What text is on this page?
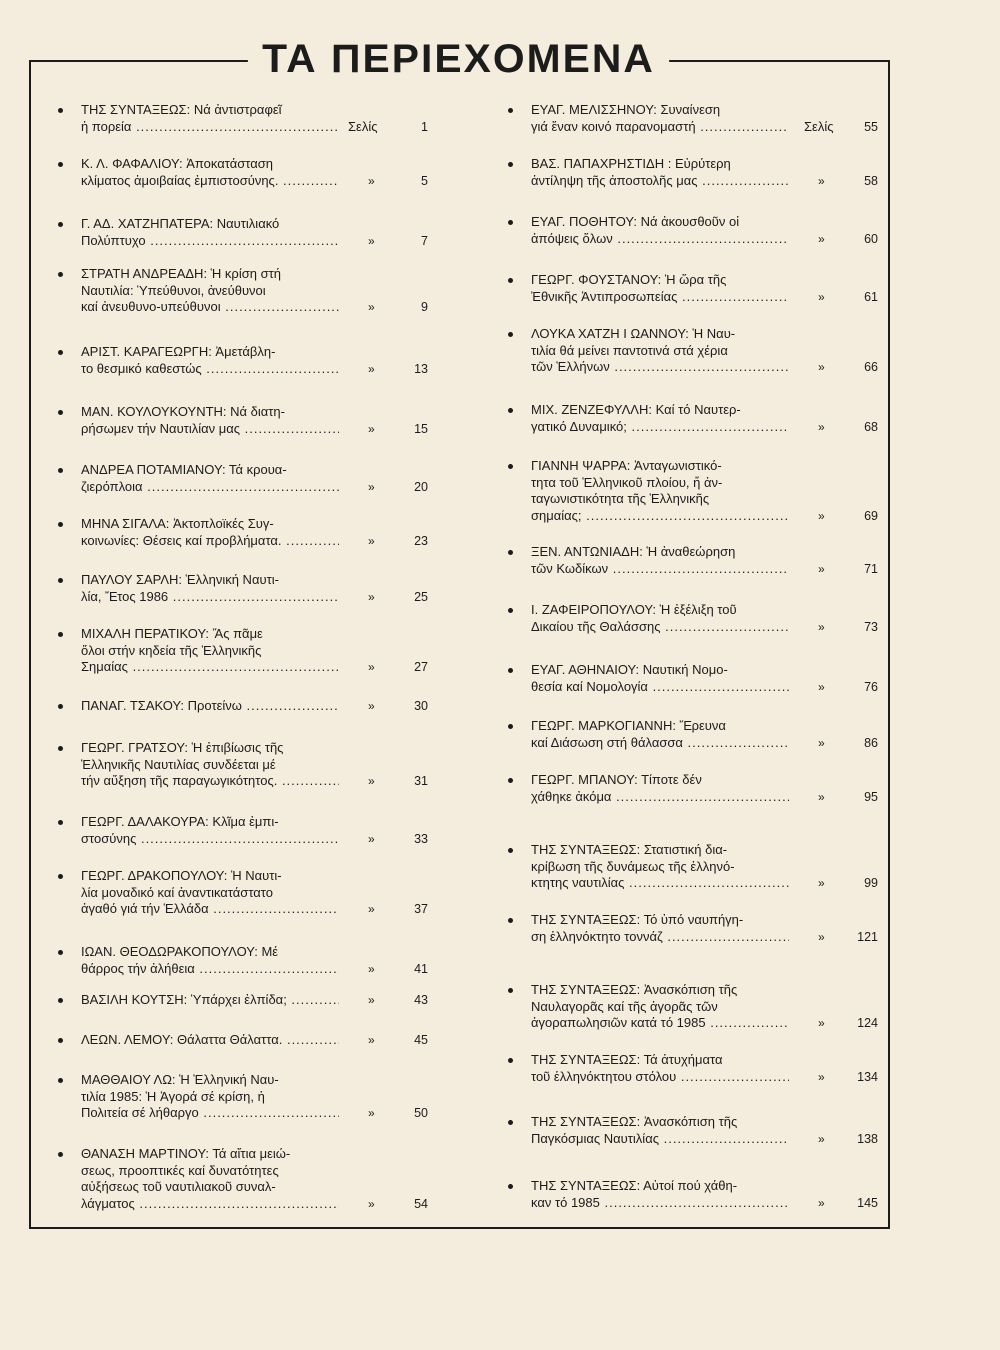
ΤΑ ΠΕΡΙΕΧΟΜΕΝΑ
ΤΗΣ ΣΥΝΤΑΞΕΩΣ: Νά ἀντιστραφεῖ
ἡ πορεία .....	Σελίς	1
Κ. Λ. ΦΑΦΑΛΙΟΥ: Ἀποκατάσταση
κλίματος ἀμοιβαίας ἐμπιστοσύνης. .....	»	5
Γ. ΑΔ. ΧΑΤΖΗΠΑΤΕΡΑ: Ναυτιλιακό
Πολύπτυχο .....	»	7
ΣΤΡΑΤΗ ΑΝΔΡΕΑΔΗ: Ἡ κρίση στή
Ναυτιλία: Ὑπεύθυνοι, ἀνεύθυνοι
καί ἀνευθυνο-υπεύθυνοι .....	»	9
ΑΡΙΣΤ. ΚΑΡΑΓΕΩΡΓΗ: Ἀμετάβλη-
το θεσμικό καθεστώς .....	»	13
ΜΑΝ. ΚΟΥΛΟΥΚΟΥΝΤΗ: Νά διατη-
ρήσωμεν τήν Ναυτιλίαν μας .....	»	15
ΑΝΔΡΕΑ ΠΟΤΑΜΙΑΝΟΥ: Τά κρουα-
ζιερόπλοια .....	»	20
ΜΗΝΑ ΣΙΓΑΛΑ: Ἀκτοπλοϊκές Συγ-
κοινωνίες: Θέσεις καί προβλήματα. .....	»	23
ΠΑΥΛΟΥ ΣΑΡΛΗ: Ἑλληνική Ναυτι-
λία, Ἔτος 1986 .....	»	25
ΜΙΧΑΛΗ ΠΕΡΑΤΙΚΟΥ: Ἄς πᾶμε
ὅλοι στήν κηδεία τῆς Ἑλληνικῆς
Σημαίας .....	»	27
ΠΑΝΑΓ. ΤΣΑΚΟΥ: Προτείνω .....	»	30
ΓΕΩΡΓ. ΓΡΑΤΣΟΥ: Ἡ ἐπιβίωσις τῆς
Ἑλληνικῆς Ναυτιλίας συνδέεται μέ
τήν αὔξηση τῆς παραγωγικότητος. .....	»	31
ΓΕΩΡΓ. ΔΑΛΑΚΟΥΡΑ: Κλῖμα ἐμπι-
στοσύνης .....	»	33
ΓΕΩΡΓ. ΔΡΑΚΟΠΟΥΛΟΥ: Ἡ Ναυτι-
λία μοναδικό καί ἀναντικατάστατο
ἀγαθό γιά τήν Ἑλλάδα .....	»	37
ΙΩΑΝ. ΘΕΟΔΩΡΑΚΟΠΟΥΛΟΥ: Μέ
θάρρος τήν ἀλήθεια .....	»	41
ΒΑΣΙΛΗ ΚΟΥΤΣΗ: Ὑπάρχει ἐλπίδα; .....	»	43
ΛΕΩΝ. ΛΕΜΟΥ: Θάλαττα Θάλαττα. .....	»	45
ΜΑΘΘΑΙΟΥ ΛΩ: Ἡ Ἑλληνική Ναυ-
τιλία 1985: Ἡ Ἀγορά σέ κρίση, ἡ
Πολιτεία σέ λήθαργο .....	»	50
ΘΑΝΑΣΗ ΜΑΡΤΙΝΟΥ: Τά αἴτια μειώ-
σεως, προοπτικές καί δυνατότητες
αὐξήσεως τοῦ ναυτιλιακοῦ συναλ-
λάγματος .....	»	54
ΕΥΑΓ. ΜΕΛΙΣΣΗΝΟΥ: Συναίνεση
γιά ἕναν κοινό παρανομαστή .....	Σελίς	55
ΒΑΣ. ΠΑΠΑΧΡΗΣΤΙΔΗ : Εὐρύτερη
ἀντίληψη τῆς ἀποστολῆς μας .....	»	58
ΕΥΑΓ. ΠΟΘΗΤΟΥ: Νά ἀκουσθοῦν οἱ
ἀπόψεις ὅλων .....	»	60
ΓΕΩΡΓ. ΦΟΥΣΤΑΝΟΥ: Ἡ ὥρα τῆς
Ἐθνικῆς Ἀντιπροσωπείας .....	»	61
ΛΟΥΚΑ ΧΑΤΖΗ Ι ΩΑΝΝΟΥ: Ἡ Ναυ-
τιλία θά μείνει παντοτινά στά χέρια
τῶν Ἑλλήνων .....	»	66
ΜΙΧ. ΖΕΝΖΕΦΥΛΛΗ: Καί τό Ναυτερ-
γατικό Δυναμικό; .....	»	68
ΓΙΑΝΝΗ ΨΑΡΡΑ: Ἀνταγωνιστικό-
τητα τοῦ Ἑλληνικοῦ πλοίου, ἤ ἀν-
ταγωνιστικότητα τῆς Ἑλληνικῆς
σημαίας; .....	»	69
ΞΕΝ. ΑΝΤΩΝΙΑΔΗ: Ἡ ἀναθεώρηση
τῶν Κωδίκων .....	»	71
Ι. ΖΑΦΕΙΡΟΠΟΥΛΟΥ: Ἡ ἐξέλιξη τοῦ
Δικαίου τῆς Θαλάσσης .....	»	73
ΕΥΑΓ. ΑΘΗΝΑΙΟΥ: Ναυτική Νομο-
θεσία καί Νομολογία .....	»	76
ΓΕΩΡΓ. ΜΑΡΚΟΓΙΑΝΝΗ: Ἔρευνα
καί Διάσωση στή θάλασσα .....	»	86
ΓΕΩΡΓ. ΜΠΑΝΟΥ: Τίποτε δέν
χάθηκε ἀκόμα .....	»	95
ΤΗΣ ΣΥΝΤΑΞΕΩΣ: Στατιστική δια-
κρίβωση τῆς δυνάμεως τῆς ἑλληνό-
κτητης ναυτιλίας .....	»	99
ΤΗΣ ΣΥΝΤΑΞΕΩΣ: Τό ὑπό ναυπήγη-
ση ἑλληνόκτητο τοννάζ .....	»	121
ΤΗΣ ΣΥΝΤΑΞΕΩΣ: Ἀνασκόπιση τῆς
Ναυλαγορᾶς καί τῆς ἀγορᾶς τῶν
ἀγοραπωλησιῶν κατά τό 1985 .....	»	124
ΤΗΣ ΣΥΝΤΑΞΕΩΣ: Τά ἀτυχήματα
τοῦ ἑλληνόκτητου στόλου .....	»	134
ΤΗΣ ΣΥΝΤΑΞΕΩΣ: Ἀνασκόπιση τῆς
Παγκόσμιας Ναυτιλίας .....	»	138
ΤΗΣ ΣΥΝΤΑΞΕΩΣ: Αὐτοί πού χάθη-
καν τό 1985 .....	»	145
